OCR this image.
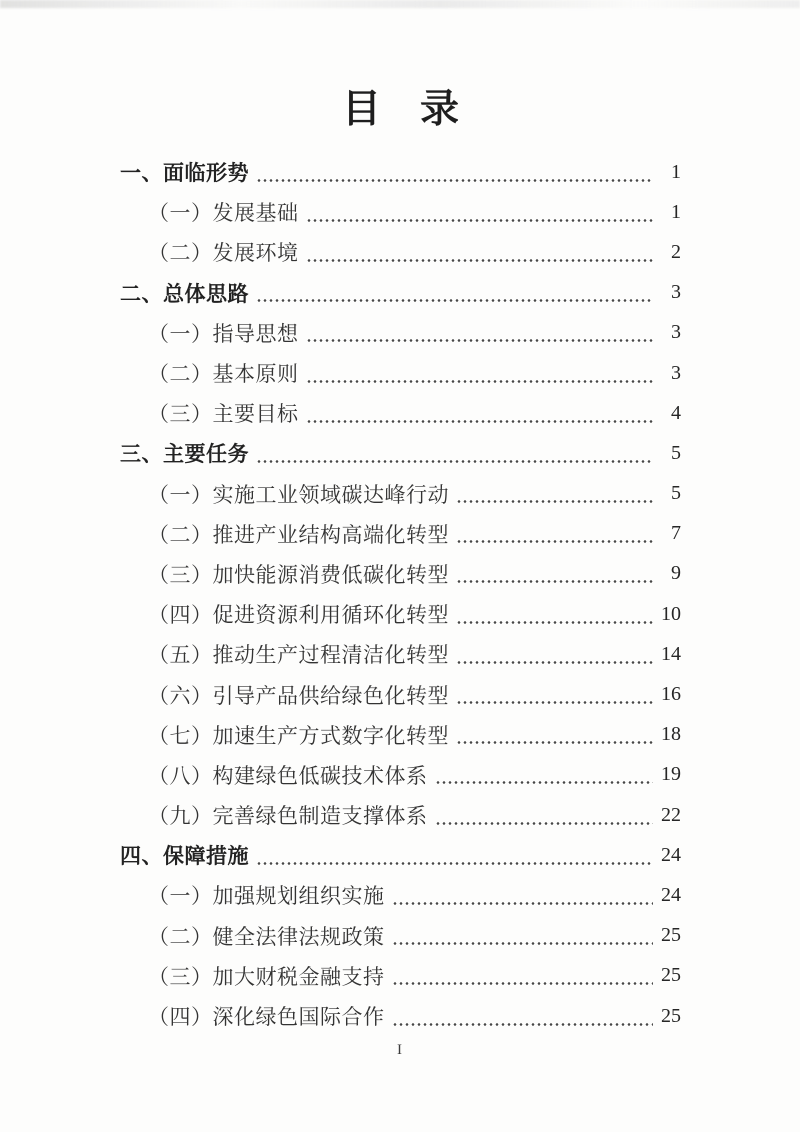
目　录
一、面临形势	1
（一）发展基础	1
（二）发展环境	2
二、总体思路	3
（一）指导思想	3
（二）基本原则	3
（三）主要目标	4
三、主要任务	5
（一）实施工业领域碳达峰行动	5
（二）推进产业结构高端化转型	7
（三）加快能源消费低碳化转型	9
（四）促进资源利用循环化转型	10
（五）推动生产过程清洁化转型	14
（六）引导产品供给绿色化转型	16
（七）加速生产方式数字化转型	18
（八）构建绿色低碳技术体系	19
（九）完善绿色制造支撑体系	22
四、保障措施	24
（一）加强规划组织实施	24
（二）健全法律法规政策	25
（三）加大财税金融支持	25
（四）深化绿色国际合作	25
I
